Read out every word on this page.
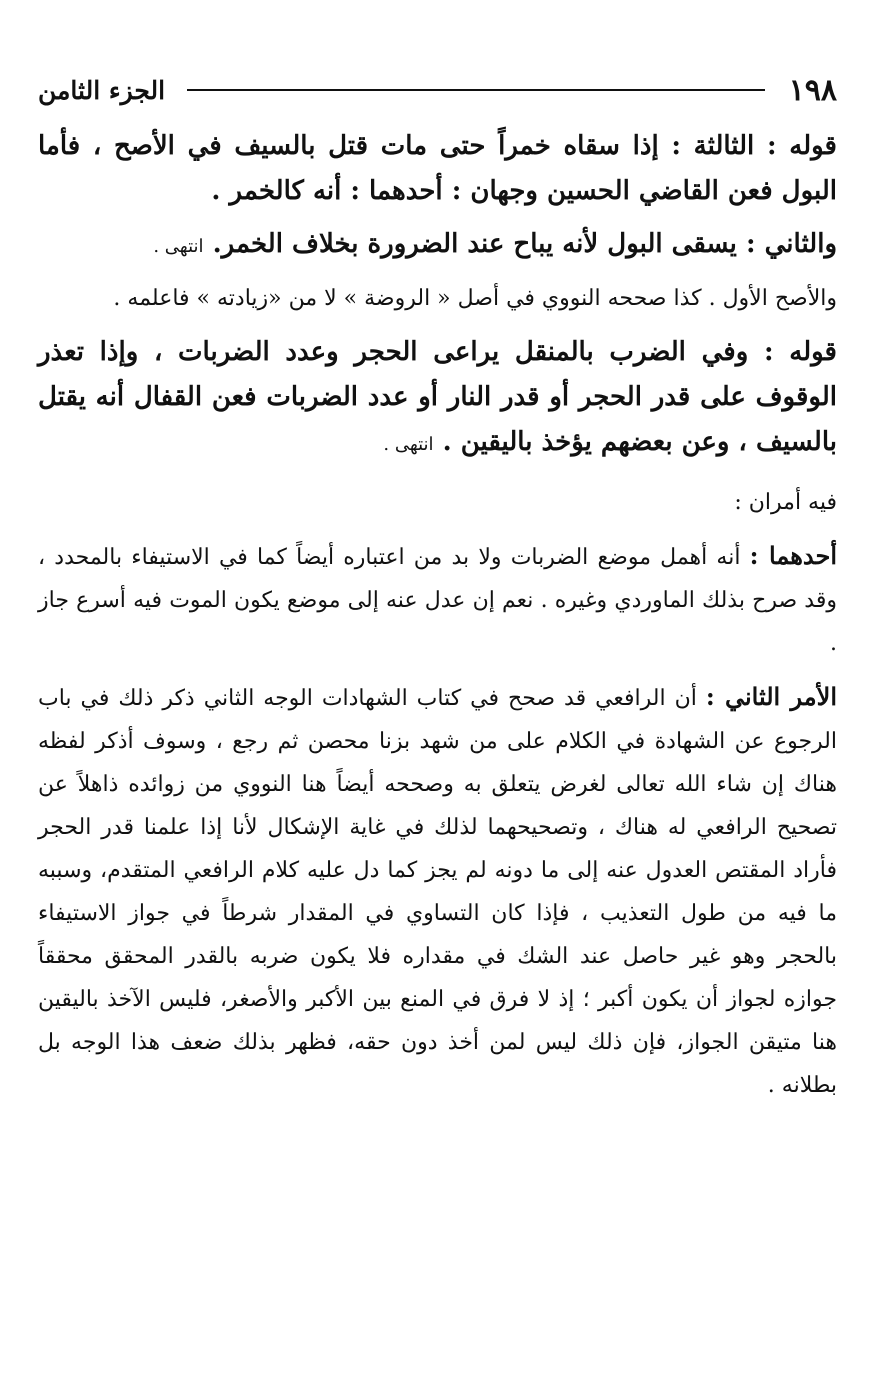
١٩٨
الجزء الثامن

قوله : الثالثة : إذا سقاه خمراً حتى مات قتل بالسيف في الأصح ، فأما البول فعن القاضي الحسين وجهان : أحدهما : أنه كالخمر .

والثاني : يسقى البول لأنه يباح عند الضرورة بخلاف الخمر. انتهى .

والأصح الأول . كذا صححه النووي في أصل « الروضة » لا من «زيادته » فاعلمه .

قوله : وفي الضرب بالمنقل يراعى الحجر وعدد الضربات ، وإذا تعذر الوقوف على قدر الحجر أو قدر النار أو عدد الضربات فعن القفال أنه يقتل بالسيف ، وعن بعضهم يؤخذ باليقين . انتهى .

فيه أمران :

أحدهما : أنه أهمل موضع الضربات ولا بد من اعتباره أيضاً كما في الاستيفاء بالمحدد ، وقد صرح بذلك الماوردي وغيره . نعم إن عدل عنه إلى موضع يكون الموت فيه أسرع جاز .

الأمر الثاني : أن الرافعي قد صحح في كتاب الشهادات الوجه الثاني ذكر ذلك في باب الرجوع عن الشهادة في الكلام على من شهد بزنا محصن ثم رجع ، وسوف أذكر لفظه هناك إن شاء الله تعالى لغرض يتعلق به وصححه أيضاً هنا النووي من زوائده ذاهلاً عن تصحيح الرافعي له هناك ، وتصحيحهما لذلك في غاية الإشكال لأنا إذا علمنا قدر الحجر فأراد المقتص العدول عنه إلى ما دونه لم يجز كما دل عليه كلام الرافعي المتقدم، وسببه ما فيه من طول التعذيب ، فإذا كان التساوي في المقدار شرطاً في جواز الاستيفاء بالحجر وهو غير حاصل عند الشك في مقداره فلا يكون ضربه بالقدر المحقق محققاً جوازه لجواز أن يكون أكبر ؛ إذ لا فرق في المنع بين الأكبر والأصغر، فليس الآخذ باليقين هنا متيقن الجواز، فإن ذلك ليس لمن أخذ دون حقه، فظهر بذلك ضعف هذا الوجه بل بطلانه .
